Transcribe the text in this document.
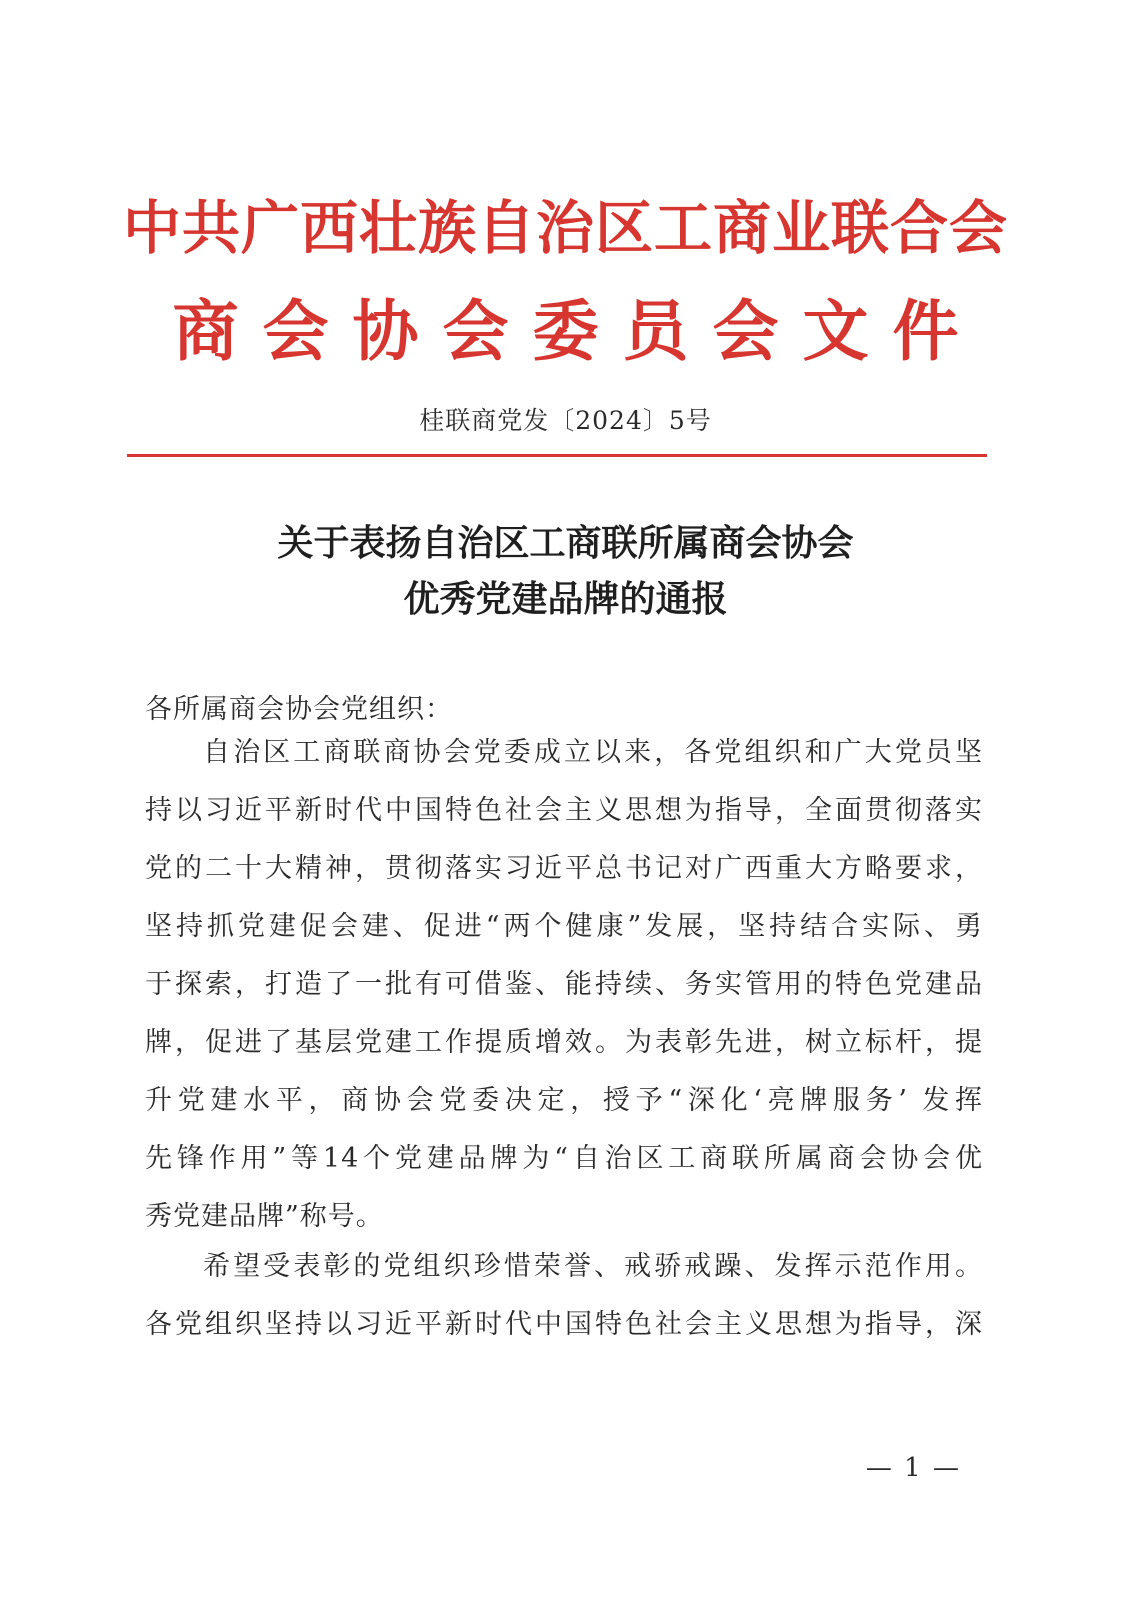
中共广西壮族自治区工商业联合会
商会协会委员会文件
桂联商党发〔2024〕5号
关于表扬自治区工商联所属商会协会
优秀党建品牌的通报
各所属商会协会党组织：
自治区工商联商协会党委成立以来，各党组织和广大党员坚
持以习近平新时代中国特色社会主义思想为指导，全面贯彻落实
党的二十大精神，贯彻落实习近平总书记对广西重大方略要求，
坚持抓党建促会建、促进“两个健康”发展，坚持结合实际、勇
于探索，打造了一批有可借鉴、能持续、务实管用的特色党建品
牌，促进了基层党建工作提质增效。为表彰先进，树立标杆，提
升党建水平，商协会党委决定，授予“深化‘亮牌服务’ 发挥
先锋作用”等14个党建品牌为“自治区工商联所属商会协会优
秀党建品牌”称号。
希望受表彰的党组织珍惜荣誉、戒骄戒躁、发挥示范作用。
各党组织坚持以习近平新时代中国特色社会主义思想为指导，深
— 1 —
